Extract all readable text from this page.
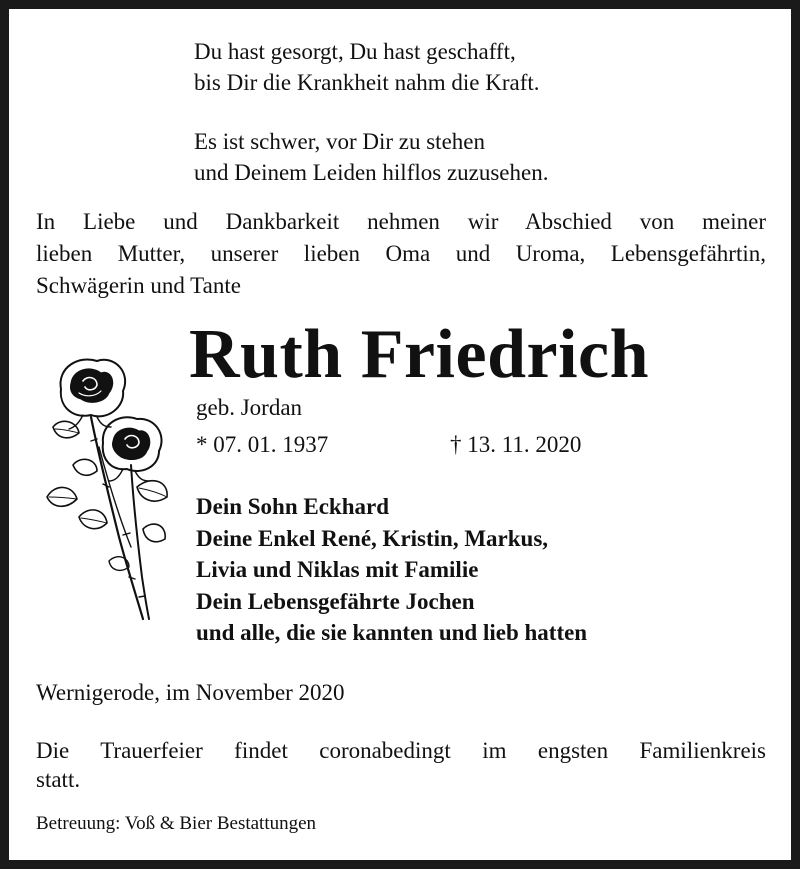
Du hast gesorgt, Du hast geschafft,
bis Dir die Krankheit nahm die Kraft.
Es ist schwer, vor Dir zu stehen
und Deinem Leiden hilflos zuzusehen.
In Liebe und Dankbarkeit nehmen wir Abschied von meiner
lieben Mutter, unserer lieben Oma und Uroma, Lebensgefährtin,
Schwägerin und Tante
Ruth Friedrich
geb. Jordan
* 07. 01. 1937	† 13. 11. 2020
Dein Sohn Eckhard
Deine Enkel René, Kristin, Markus,
Livia und Niklas mit Familie
Dein Lebensgefährte Jochen
und alle, die sie kannten und lieb hatten
Wernigerode, im November 2020
Die Trauerfeier findet coronabedingt im engsten Familienkreis
statt.
Betreuung: Voß & Bier Bestattungen
